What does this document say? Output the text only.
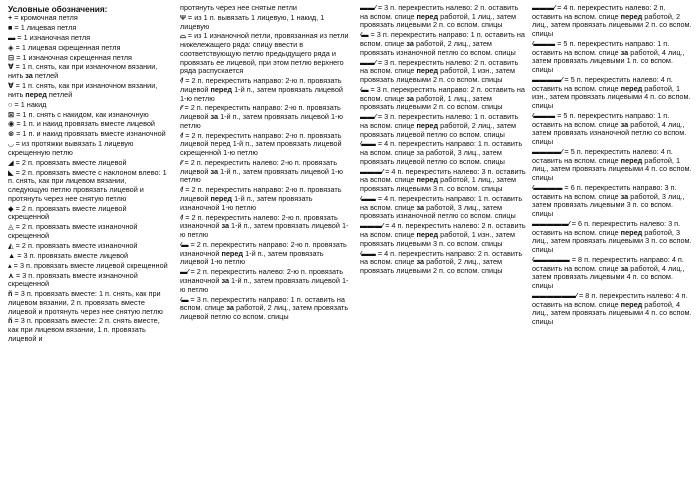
Условные обозначения:
+ = кромочная петля
■ = 1 лицевая петля
▬ = 1 изнаночная петля
◈ = 1 лицевая скрещенная петля
⊟ = 1 изнаночная скрещенная петля
∀ = 1 п. снять, как при изнаночном вязании, нить за петлей
∀ = 1 п. снять, как при изнаночном вязании, нить перед петлей
○ = 1 накид
⊠ = 1 п. снять с накидом, как изнаночную
◉ = 1 п. и накид провязать вместе лицевой
⊗ = 1 п. и накид провязать вместе изнаночной
◡ = из протяжки вывязать 1 лицевую скрещенную петлю
◢ = 2 п. провязать вместе лицевой
◣ = 2 п. провязать вместе с наклоном влево: 1 п. снять, как при лицевом вязании, следующую петлю провязать лицевой и протянуть через нее снятую петлю
◆ = 2 п. провязать вместе лицевой скрещенной
◬ = 2 п. провязать вместе изнаночной скрещенной
◭ = 2 п. провязать вместе изнаночной
▲ = 3 п. провязать вместе лицевой
▴ = 3 п. провязать вместе лицевой скрещенной
⋏ = 3 п. провязать вместе изнаночной скрещенной
ñ = 3 п. провязать вместе: 1 п. снять, как при лицевом вязании, 2 п. провязать вместе лицевой и протянуть через нее снятую петлю
ñ = 3 п. провязать вместе: 2 п. снять вместе, как при лицевом вязании, 1 п. провязать лицевой и
протянуть через нее снятые петли
Ψ = из 1 п. вывязать 1 лицевую, 1 накид, 1 лицевую
⌓ = из 1 изнаночной петли, провязанная из петли нижележащего ряда: спицу ввести в соответствующую петлю предыдущего ряда и провязать ее лицевой, при этом петлю верхнего ряда распускается
⁄/ = 2 п. перекрестить направо: 2-ю п. провязать лицевой перед 1-й п., затем провязать лицевой 1-ю петлю
⁄∕ = 2 п. перекрестить направо: 2-ю п. провязать лицевой за 1-й п., затем провязать лицевой 1-ю петлю
⁄/ = 2 п. перекрестить направо: 2-ю п. провязать лицевой перед 1-й п., затем провязать лицевой скрещенной 1-ю петлю
⁄∕ = 2 п. перекрестить налево: 2-ю п. провязать лицевой за 1-й п., затем провязать лицевой 1-ю петлю
⁄/ = 2 п. перекрестить направо: 2-ю п. провязать лицевой перед 1-й п., затем провязать изнаночной 1-ю петлю
⁄/ = 2 п. перекрестить налево: 2-ю п. провязать изнаночной за 1-й п., затем провязать лицевой 1-ю петлю
⁄▬ = 2 п. перекрестить направо: 2-ю п. провязать изнаночной перед 1-й п., затем провязать лицевой 1-ю петлю
▬⁄ = 2 п. перекрестить налево: 2-ю п. провязать изнаночной за 1-й п., затем провязать лицевой 1-ю петлю
⁄▬ = 3 п. перекрестить направо: 1 п. оставить на вспом. спице за работой, 2 лиц., затем провязать лицевой петлю со вспом. спицы
▬▬⁄ = 3 п. перекрестить налево: 2 п. оставить на вспом. спице перед работой, 1 лиц., затем провязать лицевыми 2 п. со вспом. спицы
⁄▬ = 3 п. перекрестить направо: 1 п. оставить на вспом. спице за работой, 2 лиц., затем провязать изнаночной петлю со вспом. спицы
▬▬⁄ = 3 п. перекрестить налево: 2 п. оставить на вспом. спице перед работой, 1 изн., затем провязать лицевыми 2 п. со вспом. спицы
⁄▬ = 3 п. перекрестить направо: 2 п. оставить на вспом. спице за работой, 1 лиц., затем провязать лицевыми 2 п. со вспом. спицы
▬▬⁄ = 3 п. перекрестить налево: 1 п. оставить на вспом. спице перед работой, 2 лиц., затем провязать лицевой петлю со вспом. спицы
⁄▬▬ = 4 п. перекрестить направо: 1 п. оставить на вспом. спице за работой, 3 лиц., затем провязать лицевой петлю со вспом. спицы
▬▬▬⁄ = 4 п. перекрестить налево: 3 п. оставить на вспом. спице перед работой, 1 лиц., затем провязать лицевыми 3 п. со вспом. спицы
⁄▬▬ = 4 п. перекрестить направо: 1 п. оставить на вспом. спице за работой, 3 лиц., затем провязать изнаночной петлю со вспом. спицы
▬▬▬⁄ = 4 п. перекрестить налево: 2 п. оставить на вспом. спице перед работой, 1 изн., затем провязать лицевыми 3 п. со вспом. спицы
⁄▬▬ = 4 п. перекрестить направо: 2 п. оставить на вспом. спице за работой, 2 лиц., затем провязать лицевыми 2 п. со вспом. спицы
▬▬▬⁄ = 4 п. перекрестить налево: 2 п. оставить на вспом. спице перед работой, 2 лиц., затем провязать лицевыми 2 п. со вспом. спицы
⁄▬▬▬ = 5 п. перекрестить направо: 1 п. оставить на вспом. спице за работой, 4 лиц., затем провязать лицевыми 1 п. со вспом. спицы
▬▬▬▬⁄ = 5 п. перекрестить налево: 4 п. оставить на вспом. спице перед работой, 1 изн., затем провязать лицевыми 4 п. со вспом. спицы
⁄▬▬▬ = 5 п. перекрестить направо: 1 п. оставить на вспом. спице за работой, 4 лиц., затем провязать изнаночной петлю со вспом. спицы
▬▬▬▬⁄ = 5 п. перекрестить налево: 4 п. оставить на вспом. спице перед работой, 1 лиц., затем провязать лицевыми 4 п. со вспом. спицы
⁄▬▬▬▬ = 6 п. перекрестить направо: 3 п. оставить на вспом. спице за работой, 3 лиц., затем провязать лицевыми 3 п. со вспом. спицы
▬▬▬▬▬⁄ = 6 п. перекрестить налево: 3 п. оставить на вспом. спице перед работой, 3 лиц., затем провязать лицевыми 3 п. со вспом. спицы
⁄▬▬▬▬▬ = 8 п. перекрестить направо: 4 п. оставить на вспом. спице за работой, 4 лиц., затем провязать лицевыми 4 п. со вспом. спицы
▬▬▬▬▬▬⁄ = 8 п. перекрестить налево: 4 п. оставить на вспом. спице перед работой, 4 лиц., затем провязать лицевыми 4 п. со вспом. спицы
